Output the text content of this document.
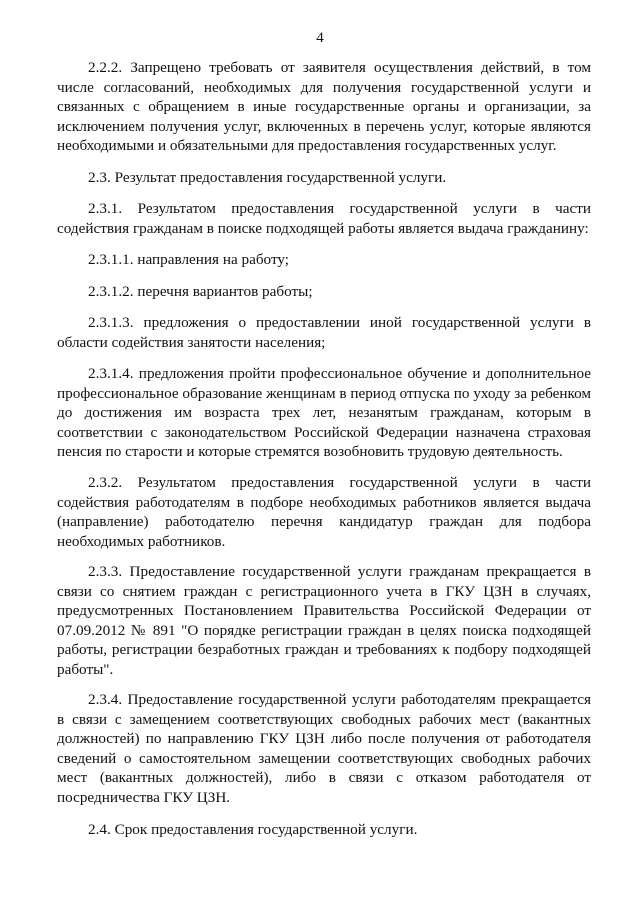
4

2.2.2. Запрещено требовать от заявителя осуществления действий, в том числе согласований, необходимых для получения государственной услуги и связанных с обращением в иные государственные органы и организации, за исключением получения услуг, включенных в перечень услуг, которые являются необходимыми и обязательными для предоставления государственных услуг.

2.3. Результат предоставления государственной услуги.

2.3.1. Результатом предоставления государственной услуги в части содействия гражданам в поиске подходящей работы является выдача гражданину:

2.3.1.1. направления на работу;

2.3.1.2. перечня вариантов работы;

2.3.1.3. предложения о предоставлении иной государственной услуги в области содействия занятости населения;

2.3.1.4. предложения пройти профессиональное обучение и дополнительное профессиональное образование женщинам в период отпуска по уходу за ребенком до достижения им возраста трех лет, незанятым гражданам, которым в соответствии с законодательством Российской Федерации назначена страховая пенсия по старости и которые стремятся возобновить трудовую деятельность.

2.3.2. Результатом предоставления государственной услуги в части содействия работодателям в подборе необходимых работников является выдача (направление) работодателю перечня кандидатур граждан для подбора необходимых работников.

2.3.3. Предоставление государственной услуги гражданам прекращается в связи со снятием граждан с регистрационного учета в ГКУ ЦЗН в случаях, предусмотренных Постановлением Правительства Российской Федерации от 07.09.2012 № 891 "О порядке регистрации граждан в целях поиска подходящей работы, регистрации безработных граждан и требованиях к подбору подходящей работы".

2.3.4. Предоставление государственной услуги работодателям прекращается в связи с замещением соответствующих свободных рабочих мест (вакантных должностей) по направлению ГКУ ЦЗН либо после получения от работодателя сведений о самостоятельном замещении соответствующих свободных рабочих мест (вакантных должностей), либо в связи с отказом работодателя от посредничества ГКУ ЦЗН.

2.4. Срок предоставления государственной услуги.
